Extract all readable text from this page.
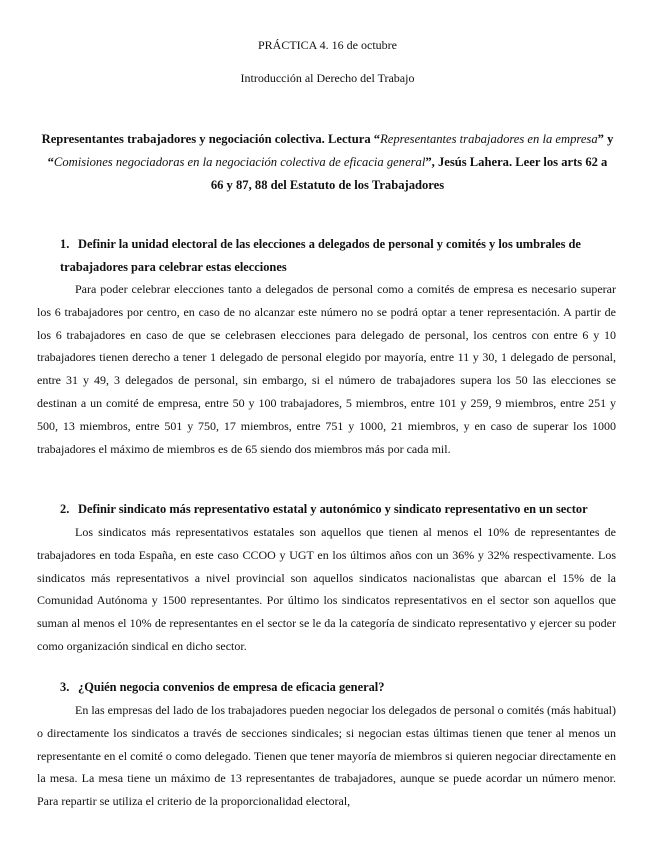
PRÁCTICA 4. 16 de octubre
Introducción al Derecho del Trabajo
Representantes trabajadores y negociación colectiva. Lectura “Representantes trabajadores en la empresa” y “Comisiones negociadoras en la negociación colectiva de eficacia general”, Jesús Lahera. Leer los arts 62 a 66 y 87, 88 del Estatuto de los Trabajadores
1. Definir la unidad electoral de las elecciones a delegados de personal y comités y los umbrales de trabajadores para celebrar estas elecciones
Para poder celebrar elecciones tanto a delegados de personal como a comités de empresa es necesario superar los 6 trabajadores por centro, en caso de no alcanzar este número no se podrá optar a tener representación. A partir de los 6 trabajadores en caso de que se celebrasen elecciones para delegado de personal, los centros con entre 6 y 10 trabajadores tienen derecho a tener 1 delegado de personal elegido por mayoría, entre 11 y 30, 1 delegado de personal, entre 31 y 49, 3 delegados de personal, sin embargo, si el número de trabajadores supera los 50 las elecciones se destinan a un comité de empresa, entre 50 y 100 trabajadores, 5 miembros, entre 101 y 259, 9 miembros, entre 251 y 500, 13 miembros, entre 501 y 750, 17 miembros, entre 751 y 1000, 21 miembros, y en caso de superar los 1000 trabajadores el máximo de miembros es de 65 siendo dos miembros más por cada mil.
2. Definir sindicato más representativo estatal y autonómico y sindicato representativo en un sector
Los sindicatos más representativos estatales son aquellos que tienen al menos el 10% de representantes de trabajadores en toda España, en este caso CCOO y UGT en los últimos años con un 36% y 32% respectivamente. Los sindicatos más representativos a nivel provincial son aquellos sindicatos nacionalistas que abarcan el 15% de la Comunidad Autónoma y 1500 representantes. Por último los sindicatos representativos en el sector son aquellos que suman al menos el 10% de representantes en el sector se le da la categoría de sindicato representativo y ejercer su poder como organización sindical en dicho sector.
3. ¿Quién negocia convenios de empresa de eficacia general?
En las empresas del lado de los trabajadores pueden negociar los delegados de personal o comités (más habitual) o directamente los sindicatos a través de secciones sindicales; si negocian estas últimas tienen que tener al menos un representante en el comité o como delegado. Tienen que tener mayoría de miembros si quieren negociar directamente en la mesa. La mesa tiene un máximo de 13 representantes de trabajadores, aunque se puede acordar un número menor. Para repartir se utiliza el criterio de la proporcionalidad electoral,
